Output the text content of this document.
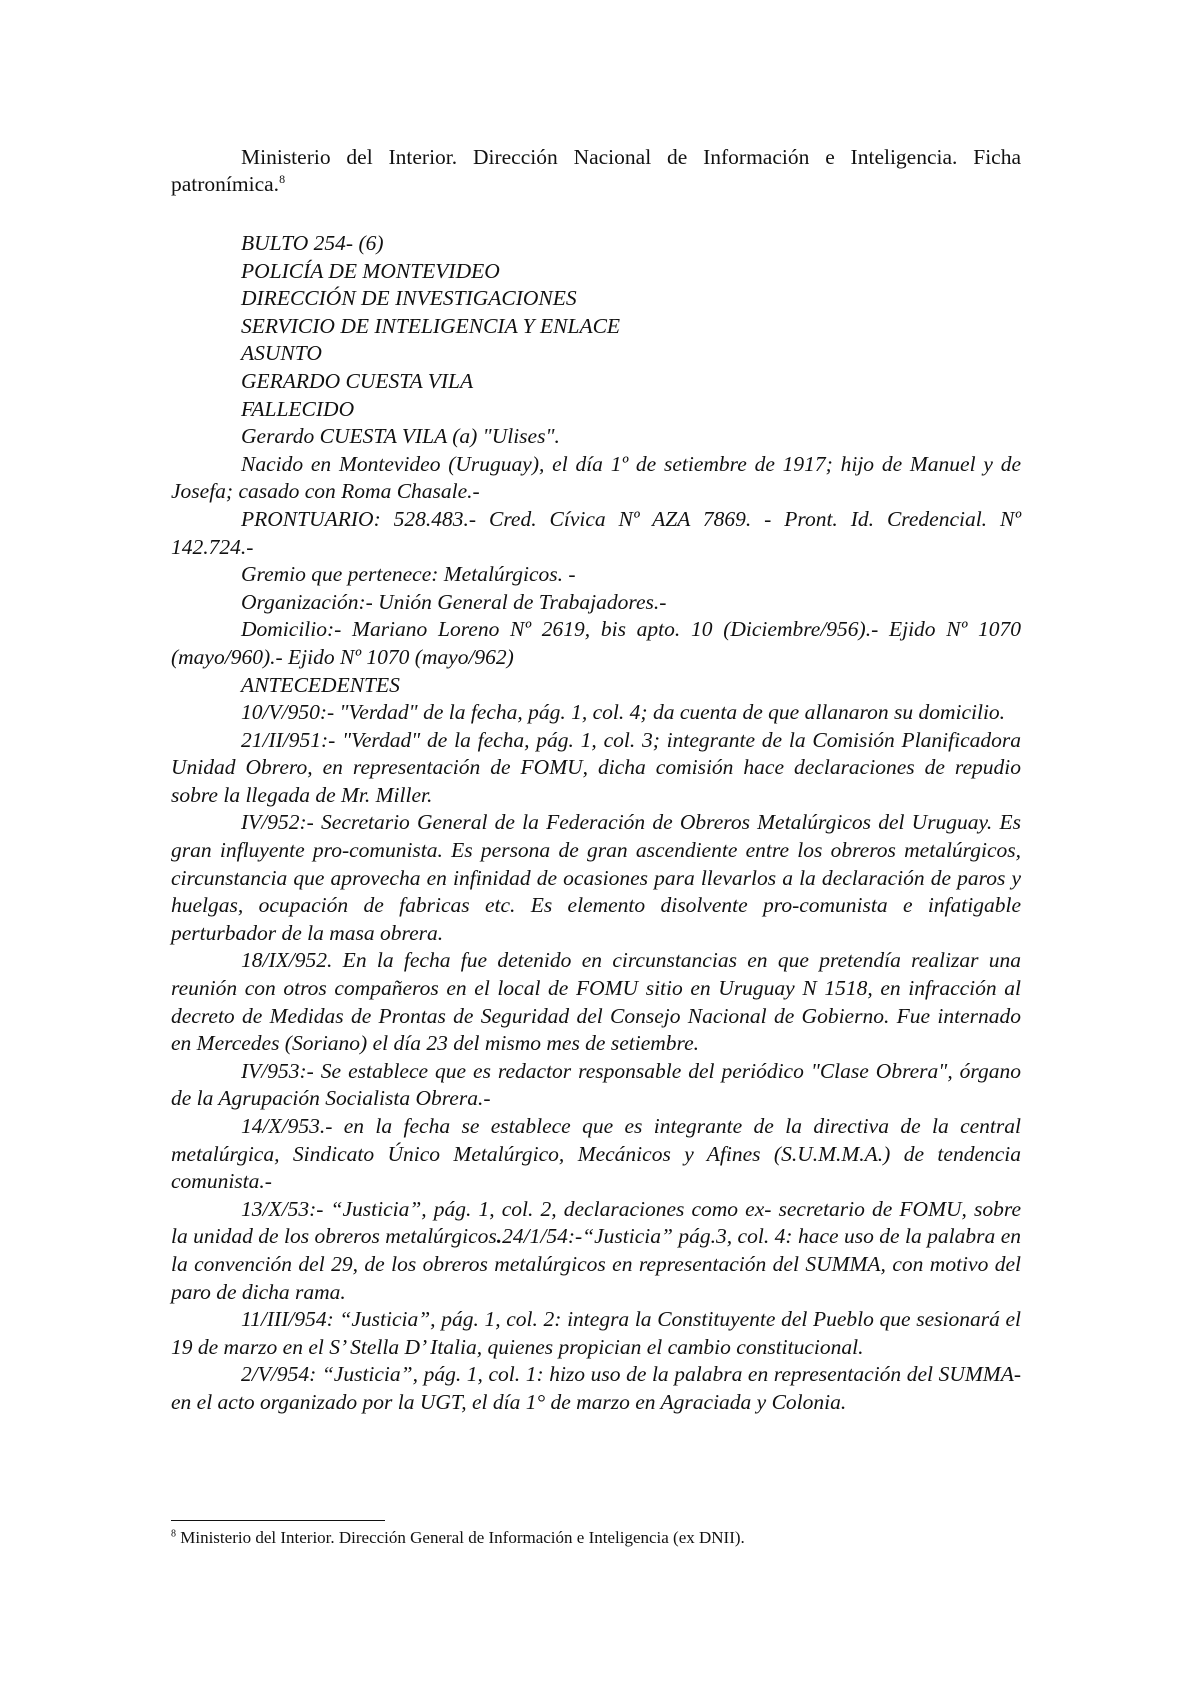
Ministerio del Interior. Dirección Nacional de Información e Inteligencia. Ficha patronímica.$^8$

BULTO 254- (6)

POLICÍA DE MONTEVIDEO

DIRECCIÓN DE INVESTIGACIONES

SERVICIO DE INTELIGENCIA Y ENLACE

ASUNTO

GERARDO CUESTA VILA

FALLECIDO

Gerardo CUESTA VILA (a) "Ulises".

Nacido en Montevideo (Uruguay), el día 1º de setiembre de 1917; hijo de Manuel y de Josefa; casado con Roma Chasale.-

PRONTUARIO: 528.483.- Cred. Cívica Nº AZA 7869. - Pront. Id. Credencial. Nº 142.724.-

Gremio que pertenece: Metalúrgicos. -

Organización:- Unión General de Trabajadores.-

Domicilio:- Mariano Loreno Nº 2619, bis apto. 10 (Diciembre/956).- Ejido Nº 1070 (mayo/960).- Ejido Nº 1070 (mayo/962)

ANTECEDENTES

10/V/950:- "Verdad" de la fecha, pág. 1, col. 4; da cuenta de que allanaron su domicilio.

21/II/951:- "Verdad" de la fecha, pág. 1, col. 3; integrante de la Comisión Planificadora Unidad Obrero, en representación de FOMU, dicha comisión hace declaraciones de repudio sobre la llegada de Mr. Miller.

IV/952:- Secretario General de la Federación de Obreros Metalúrgicos del Uruguay. Es gran influyente pro-comunista. Es persona de gran ascendiente entre los obreros metalúrgicos, circunstancia que aprovecha en infinidad de ocasiones para llevarlos a la declaración de paros y huelgas, ocupación de fabricas etc. Es elemento disolvente pro-comunista e infatigable perturbador de la masa obrera.

18/IX/952. En la fecha fue detenido en circunstancias en que pretendía realizar una reunión con otros compañeros en el local de FOMU sitio en Uruguay N 1518, en infracción al decreto de Medidas de Prontas de Seguridad del Consejo Nacional de Gobierno. Fue internado en Mercedes (Soriano) el día 23 del mismo mes de setiembre.

IV/953:- Se establece que es redactor responsable del periódico "Clase Obrera", órgano de la Agrupación Socialista Obrera.-

14/X/953.- en la fecha se establece que es integrante de la directiva de la central metalúrgica, Sindicato Único Metalúrgico, Mecánicos y Afines (S.U.M.M.A.) de tendencia comunista.-

13/X/53:- “Justicia”, pág. 1, col. 2, declaraciones como ex- secretario de FOMU, sobre la unidad de los obreros metalúrgicos.24/1/54:-“Justicia” pág.3, col. 4: hace uso de la palabra en la convención del 29, de los obreros metalúrgicos en representación del SUMMA, con motivo del paro de dicha rama.

11/III/954: “Justicia”, pág. 1, col. 2: integra la Constituyente del Pueblo que sesionará el 19 de marzo en el S’ Stella D’ Italia, quienes propician el cambio constitucional.

2/V/954: “Justicia”, pág. 1, col. 1: hizo uso de la palabra en representación del SUMMA- en el acto organizado por la UGT, el día 1° de marzo en Agraciada y Colonia.

$^8$ Ministerio del Interior. Dirección General de Información e Inteligencia (ex DNII).
